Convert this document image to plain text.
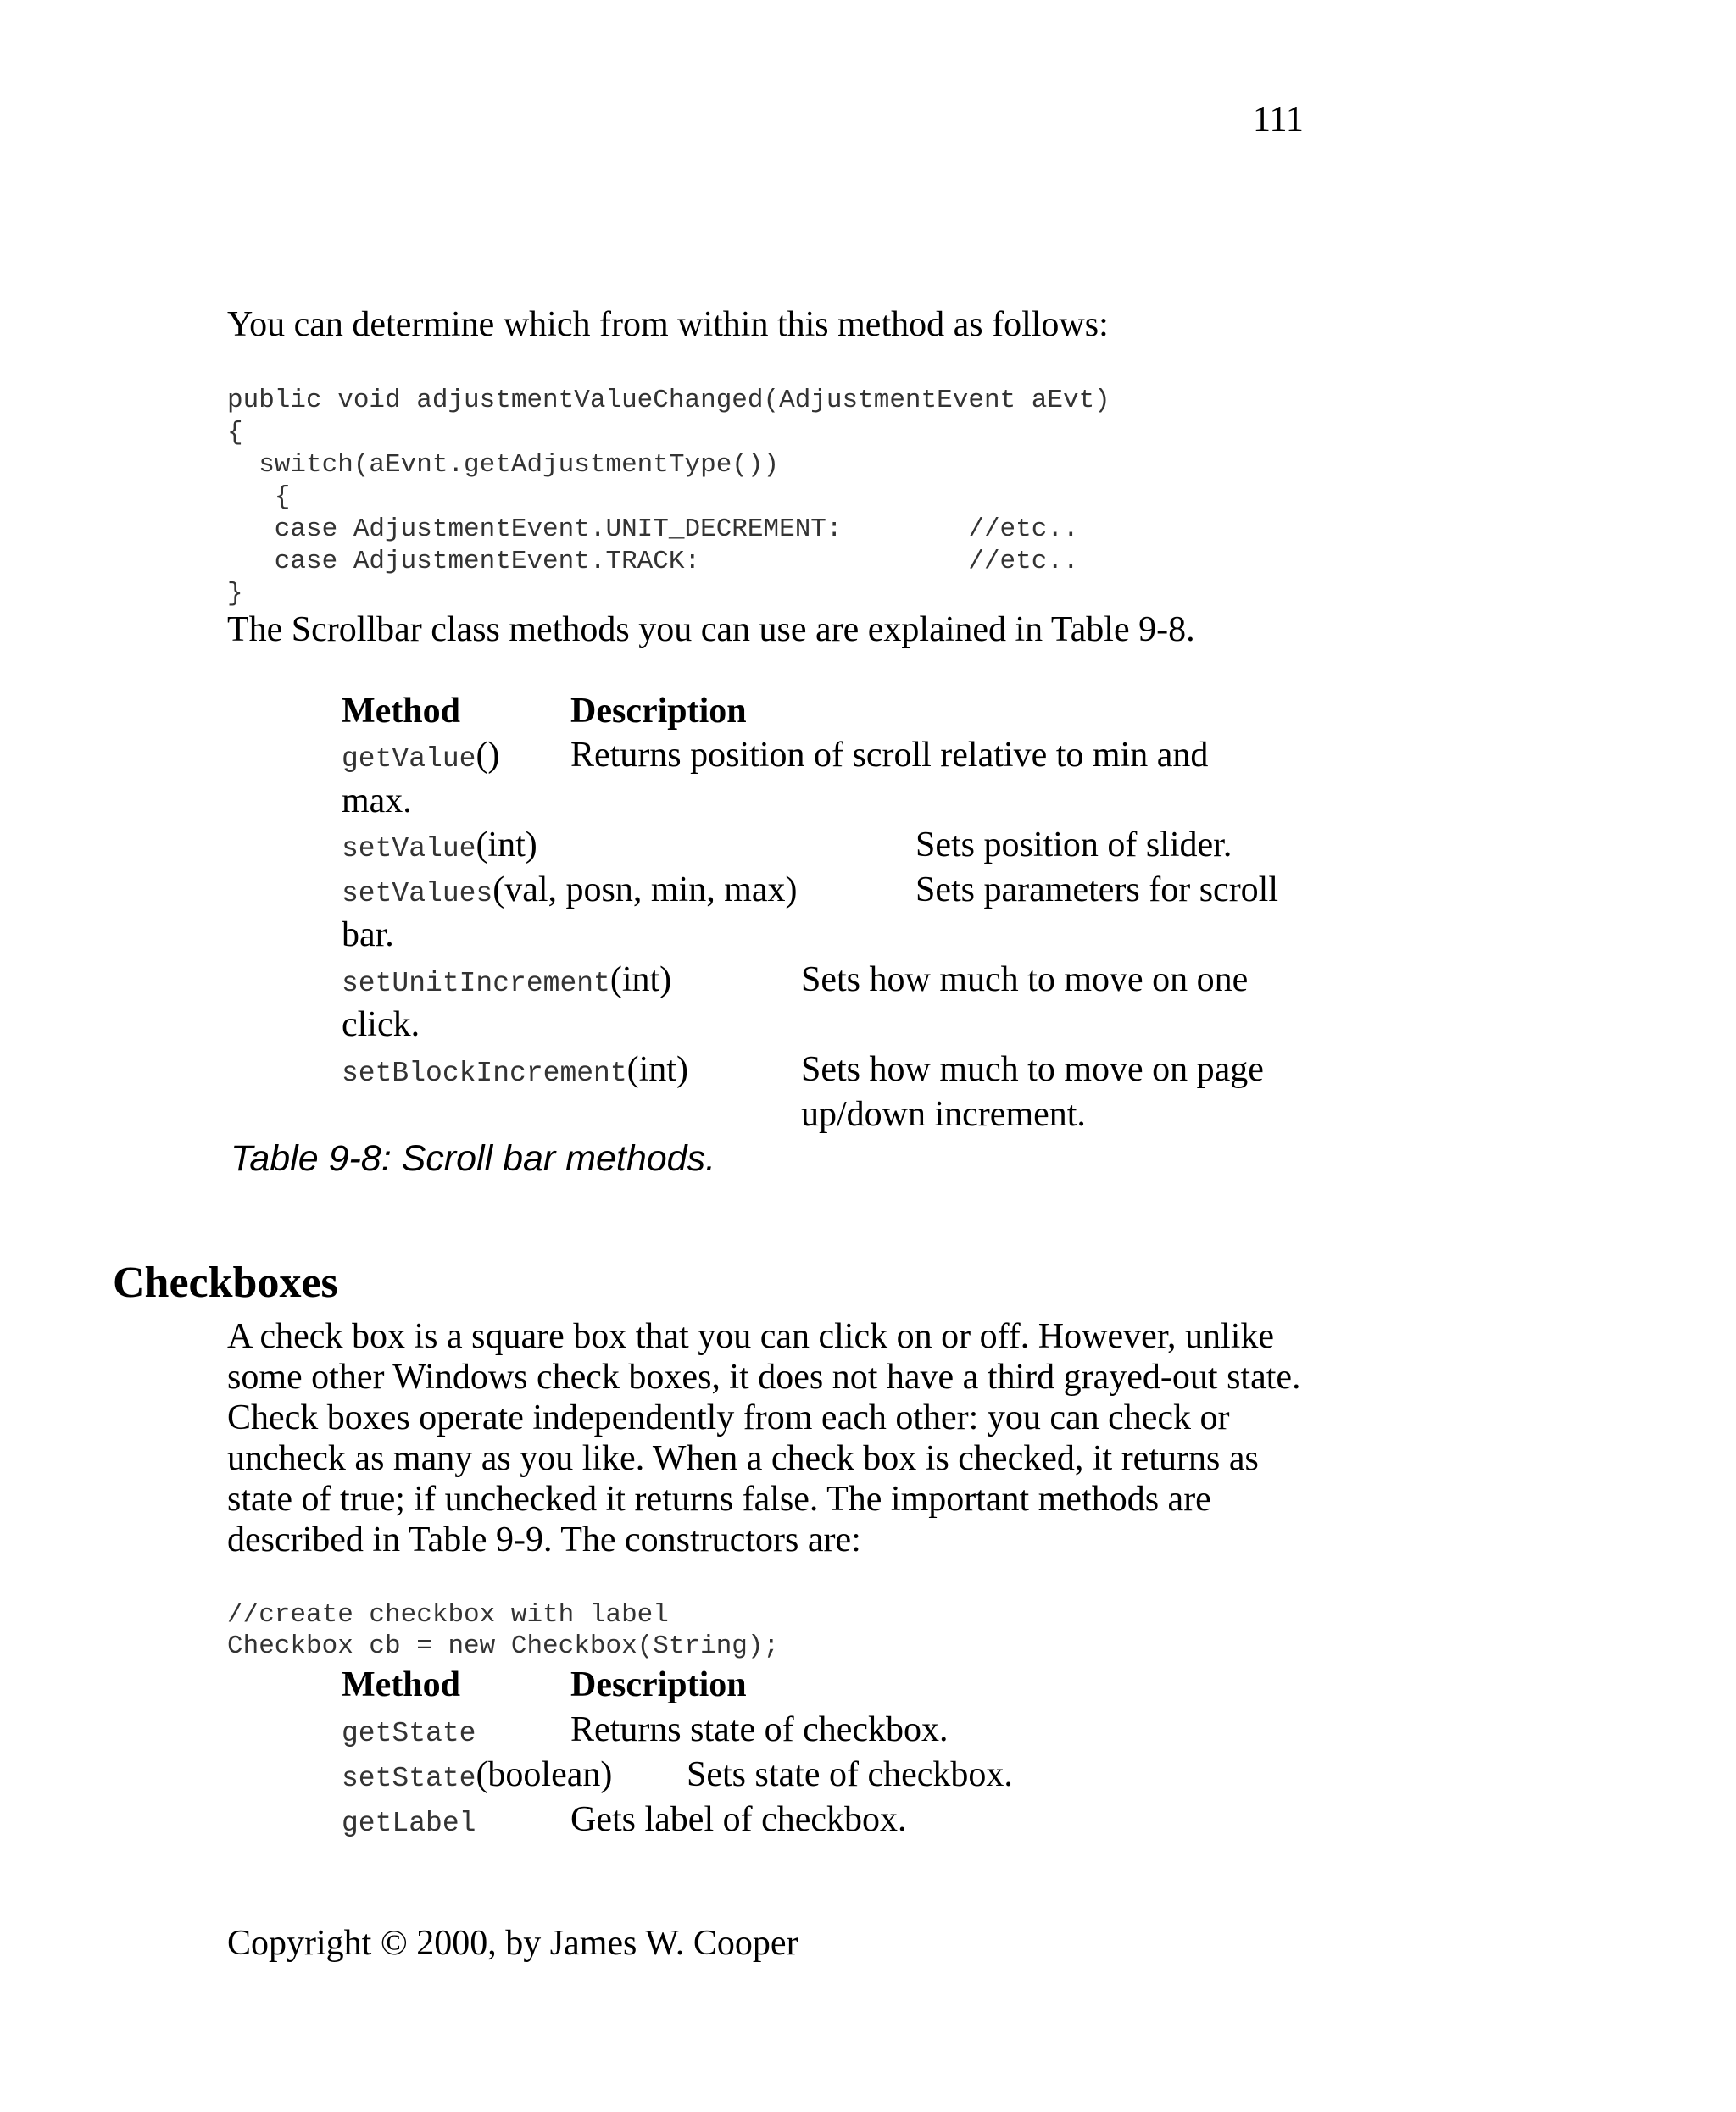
111
You can determine which from within this method as follows:
public void adjustmentValueChanged(AdjustmentEvent aEvt)
{
switch(aEvnt.getAdjustmentType())
{
case AdjustmentEvent.UNIT_DECREMENT:        //etc..
case AdjustmentEvent.TRACK:                 //etc..
}
The Scrollbar class methods you can use are explained in Table 9-8.
Method	Description
getValue() Returns position of scroll relative to min and
max.
setValue(int)	Sets position of slider.
setValues(val, posn, min, max)	Sets parameters for scroll
bar.
setUnitIncrement(int)	Sets how much to move on one
click.
setBlockIncrement(int)	Sets how much to move on page
up/down increment.
Table 9-8: Scroll bar methods.
Checkboxes
A check box is a square box that you can click on or off. However, unlike
some other Windows check boxes, it does not have a third grayed-out state.
Check boxes operate independently from each other: you can check or
uncheck as many as you like. When a check box is checked, it returns as
state of true; if unchecked it returns false. The important methods are
described in Table 9-9. The constructors are:
//create checkbox with label
Checkbox cb = new Checkbox(String);
Method	Description
getState	Returns state of checkbox.
setState(boolean) Sets state of checkbox.
getLabel	Gets label of checkbox.
Copyright © 2000, by James W. Cooper
